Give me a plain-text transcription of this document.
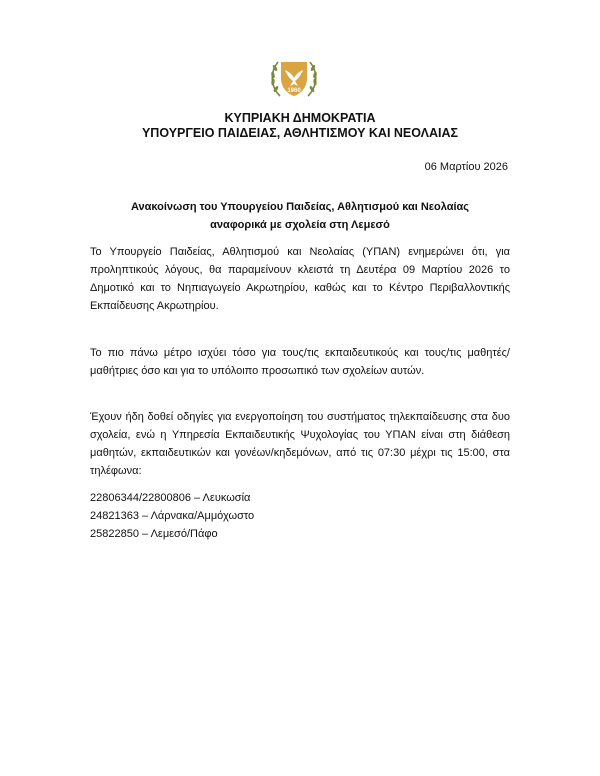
1960
ΚΥΠΡΙΑΚΗ ΔΗΜΟΚΡΑΤΙΑ
ΥΠΟΥΡΓΕΙΟ ΠΑΙΔΕΙΑΣ, ΑΘΛΗΤΙΣΜΟΥ ΚΑΙ ΝΕΟΛΑΙΑΣ
06 Μαρτίου 2026
Ανακοίνωση του Υπουργείου Παιδείας, Αθλητισμού και Νεολαίας
αναφορικά με σχολεία στη Λεμεσό
Το Υπουργείο Παιδείας, Αθλητισμού και Νεολαίας (ΥΠΑΝ) ενημερώνει ότι, για προληπτικούς λόγους, θα παραμείνουν κλειστά τη Δευτέρα 09 Μαρτίου 2026 το Δημοτικό και το Νηπιαγωγείο Ακρωτηρίου, καθώς και το Κέντρο Περιβαλλοντικής Εκπαίδευσης Ακρωτηρίου.
Το πιο πάνω μέτρο ισχύει τόσο για τους/τις εκπαιδευτικούς και τους/τις μαθητές/μαθήτριες όσο και για το υπόλοιπο προσωπικό των σχολείων αυτών.
Έχουν ήδη δοθεί οδηγίες για ενεργοποίηση του συστήματος τηλεκπαίδευσης στα δυο σχολεία, ενώ η Υπηρεσία Εκπαιδευτικής Ψυχολογίας του ΥΠΑΝ είναι στη διάθεση μαθητών, εκπαιδευτικών και γονέων/κηδεμόνων, από τις 07:30 μέχρι τις 15:00, στα τηλέφωνα:
22806344/22800806 – Λευκωσία
24821363 – Λάρνακα/Αμμόχωστο
25822850 – Λεμεσό/Πάφο
